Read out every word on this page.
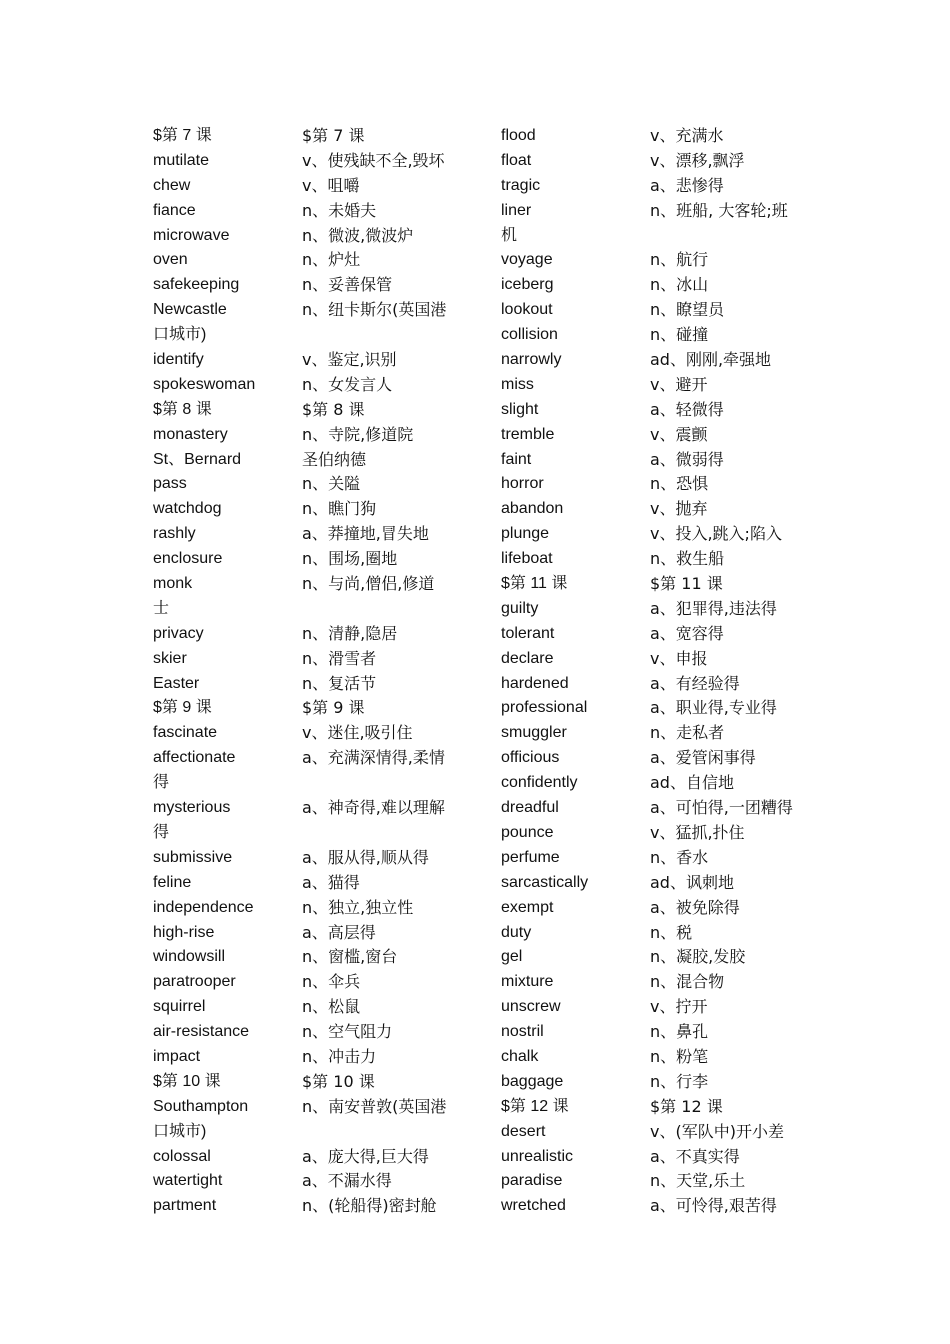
$第 7 课	$第 7 课
mutilate	v、使残缺不全,毁坏
chew	v、咀嚼
fiance	n、未婚夫
microwave	n、微波,微波炉
oven	n、炉灶
safekeeping	n、妥善保管
Newcastle	n、纽卡斯尔(英国港
口城市)
identify	v、鉴定,识别
spokeswoman	n、女发言人
$第 8 课	$第 8 课
monastery	n、寺院,修道院
St、Bernard	圣伯纳德
pass	n、关隘
watchdog	n、瞧门狗
rashly	a、莽撞地,冒失地
enclosure	n、围场,圈地
monk	n、与尚,僧侣,修道
士
privacy	n、清静,隐居
skier	n、滑雪者
Easter	n、复活节
$第 9 课	$第 9 课
fascinate	v、迷住,吸引住
affectionate	a、充满深情得,柔情
得
mysterious	a、神奇得,难以理解
得
submissive	a、服从得,顺从得
feline	a、猫得
independence	n、独立,独立性
high-rise	a、高层得
windowsill	n、窗槛,窗台
paratrooper	n、伞兵
squirrel	n、松鼠
air-resistance	n、空气阻力
impact	n、冲击力
$第 10 课	$第 10 课
Southampton	n、南安普敦(英国港
口城市)
colossal	a、庞大得,巨大得
watertight	a、不漏水得
partment	n、(轮船得)密封舱
flood	v、充满水
float	v、漂移,飘浮
tragic	a、悲惨得
liner	n、班船, 大客轮;班
机
voyage	n、航行
iceberg	n、冰山
lookout	n、瞭望员
collision	n、碰撞
narrowly	ad、刚刚,牵强地
miss	v、避开
slight	a、轻微得
tremble	v、震颤
faint	a、微弱得
horror	n、恐惧
abandon	v、抛弃
plunge	v、投入,跳入;陷入
lifeboat	n、救生船
$第 11 课	$第 11 课
guilty	a、犯罪得,违法得
tolerant	a、宽容得
declare	v、申报
hardened	a、有经验得
professional	a、职业得,专业得
smuggler	n、走私者
officious	a、爱管闲事得
confidently	ad、自信地
dreadful	a、可怕得,一团糟得
pounce	v、猛抓,扑住
perfume	n、香水
sarcastically	ad、讽刺地
exempt	a、被免除得
duty	n、税
gel	n、凝胶,发胶
mixture	n、混合物
unscrew	v、拧开
nostril	n、鼻孔
chalk	n、粉笔
baggage	n、行李
$第 12 课	$第 12 课
desert	v、(军队中)开小差
unrealistic	a、不真实得
paradise	n、天堂,乐土
wretched	a、可怜得,艰苦得
